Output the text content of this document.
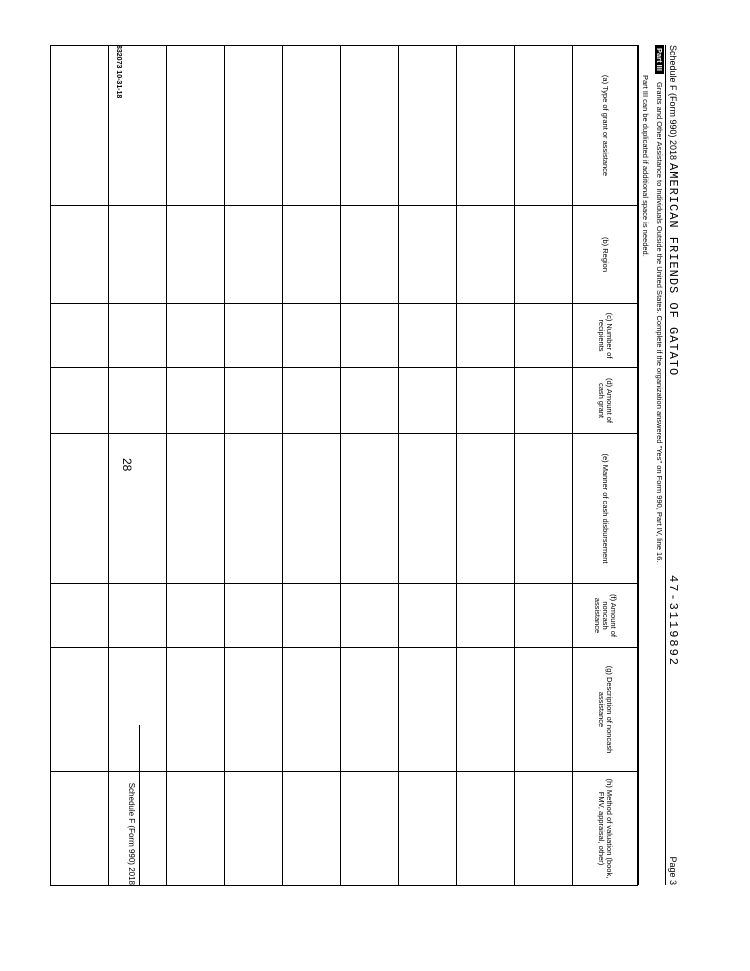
Schedule F (Form 990) 2018
AMERICAN FRIENDS OF GATATO
47-3119892
Page 3
Part III Grants and Other Assistance to Individuals Outside the United States. Complete if the organization answered "Yes" on Form 990, Part IV, line 16.
Part III can be duplicated if additional space is needed.
(a) Type of grant or assistance	(b) Region	(c) Number of recipients	(d) Amount of cash grant	(e) Manner of cash disbursement	(f) Amount of noncash assistance	(g) Description of noncash assistance	(h) Method of valuation (book, FMV, appraisal, other)

28
Schedule F (Form 990) 2018
832073 10-31-18
